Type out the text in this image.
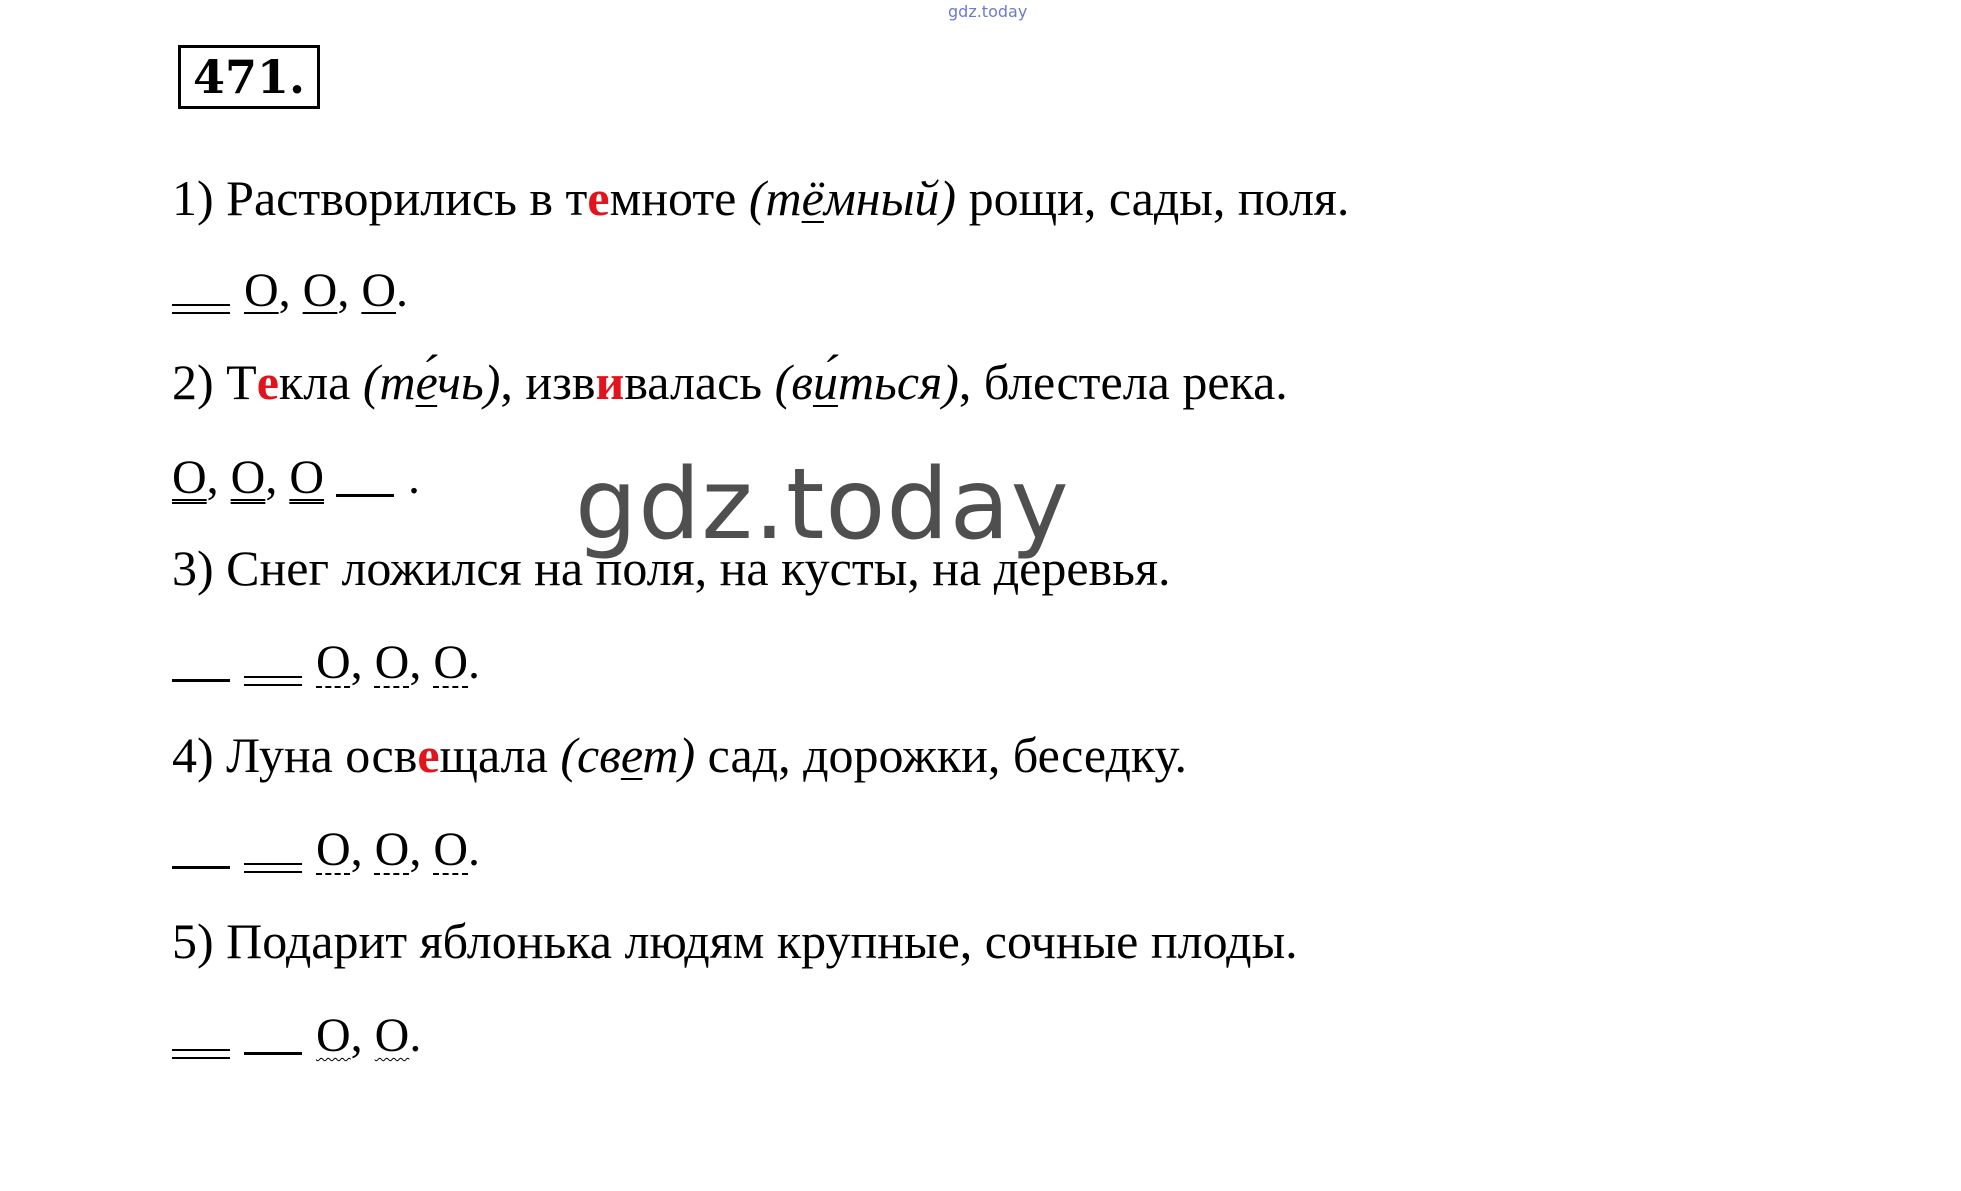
gdz.today
471.
1) Растворились в темноте (тёмный) рощи, сады, поля.
О, О, О.
2) Текла (те́чь), извивалась (ви́ться), блестела река.
О, О, О . gdz.today
3) Снег ложился на поля, на кусты, на деревья.
О, О, О.
4) Луна освещала (свет) сад, дорожки, беседку.
О, О, О.
5) Подарит яблонька людям крупные, сочные плоды.
О, О.
